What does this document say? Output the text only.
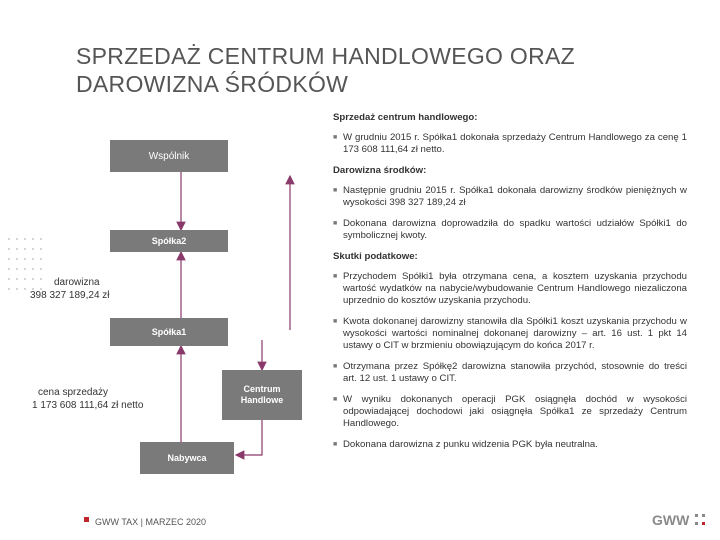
SPRZEDAŻ CENTRUM HANDLOWEGO ORAZ
DAROWIZNA ŚRÓDKÓW
Wspólnik
Spółka2
Spółka1
Centrum
Handlowe
Nabywca
darowizna
398 327 189,24 zł
cena sprzedaży
1 173 608 111,64 zł netto
Sprzedaż centrum handlowego:
■ W grudniu 2015 r. Spółka1 dokonała sprzedaży Centrum Handlowego za cenę 1 173 608 111,64 zł netto.
Darowizna środków:
■ Następnie grudniu 2015 r. Spółka1 dokonała darowizny środków pieniężnych w wysokości 398 327 189,24 zł
■ Dokonana darowizna doprowadziła do spadku wartości udziałów Spółki1 do symbolicznej kwoty.
Skutki podatkowe:
■ Przychodem Spółki1 była otrzymana cena, a kosztem uzyskania przychodu wartość wydatków na nabycie/wybudowanie Centrum Handlowego niezaliczona uprzednio do kosztów uzyskania przychodu.
■ Kwota dokonanej darowizny stanowiła dla Spółki1 koszt uzyskania przychodu w wysokości wartości nominalnej dokonanej darowizny – art. 16 ust. 1 pkt 14 ustawy o CIT w brzmieniu obowiązującym do końca 2017 r.
■ Otrzymana przez Spółkę2 darowizna stanowiła przychód, stosownie do treści art. 12 ust. 1 ustawy o CIT.
■ W wyniku dokonanych operacji PGK osiągnęła dochód w wysokości odpowiadającej dochodowi jaki osiągnęła Spółka1 ze sprzedaży Centrum Handlowego.
■ Dokonana darowizna z punku widzenia PGK była neutralna.
GWW TAX | MARZEC 2020	GWW
